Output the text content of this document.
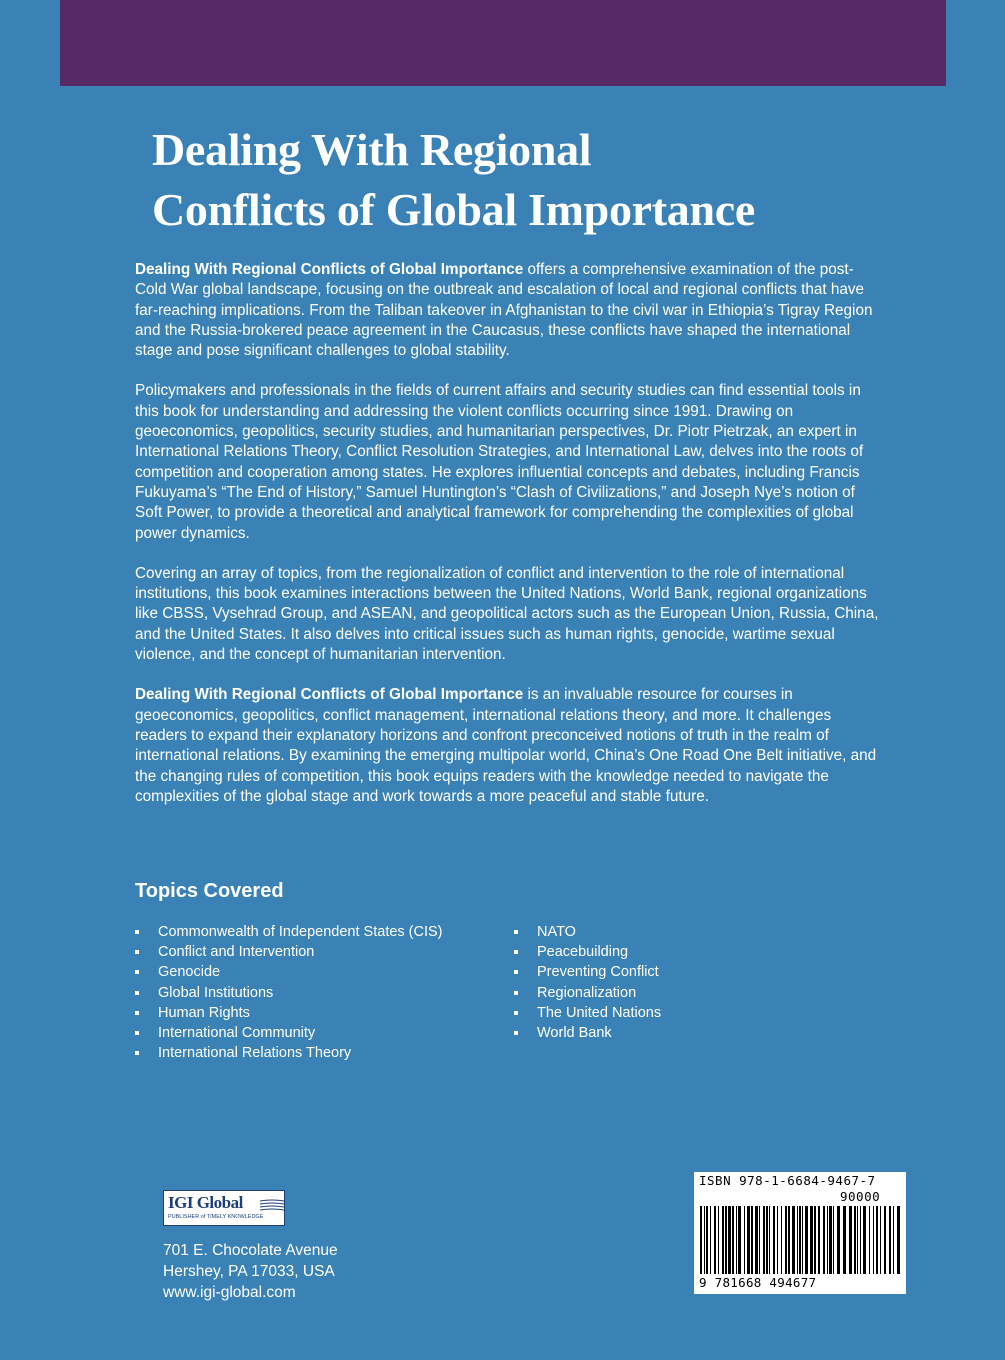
Dealing With Regional
Conflicts of Global Importance

Dealing With Regional Conflicts of Global Importance offers a comprehensive examination of the post-Cold War global landscape, focusing on the outbreak and escalation of local and regional conflicts that have far-reaching implications. From the Taliban takeover in Afghanistan to the civil war in Ethiopia’s Tigray Region and the Russia-brokered peace agreement in the Caucasus, these conflicts have shaped the international stage and pose significant challenges to global stability.

Policymakers and professionals in the fields of current affairs and security studies can find essential tools in this book for understanding and addressing the violent conflicts occurring since 1991. Drawing on geoeconomics, geopolitics, security studies, and humanitarian perspectives, Dr. Piotr Pietrzak, an expert in International Relations Theory, Conflict Resolution Strategies, and International Law, delves into the roots of competition and cooperation among states. He explores influential concepts and debates, including Francis Fukuyama’s “The End of History,” Samuel Huntington’s “Clash of Civilizations,” and Joseph Nye’s notion of Soft Power, to provide a theoretical and analytical framework for comprehending the complexities of global power dynamics.

Covering an array of topics, from the regionalization of conflict and intervention to the role of international institutions, this book examines interactions between the United Nations, World Bank, regional organizations like CBSS, Vysehrad Group, and ASEAN, and geopolitical actors such as the European Union, Russia, China, and the United States. It also delves into critical issues such as human rights, genocide, wartime sexual violence, and the concept of humanitarian intervention.

Dealing With Regional Conflicts of Global Importance is an invaluable resource for courses in geoeconomics, geopolitics, conflict management, international relations theory, and more. It challenges readers to expand their explanatory horizons and confront preconceived notions of truth in the realm of international relations. By examining the emerging multipolar world, China’s One Road One Belt initiative, and the changing rules of competition, this book equips readers with the knowledge needed to navigate the complexities of the global stage and work towards a more peaceful and stable future.

Topics Covered
Commonwealth of Independent States (CIS)
Conflict and Intervention
Genocide
Global Institutions
Human Rights
International Community
International Relations Theory
NATO
Peacebuilding
Preventing Conflict
Regionalization
The United Nations
World Bank
IGI Global
PUBLISHER of TIMELY KNOWLEDGE
701 E. Chocolate Avenue
Hershey, PA 17033, USA
www.igi-global.com
ISBN 978-1-6684-9467-7
90000
9 781668 494677
